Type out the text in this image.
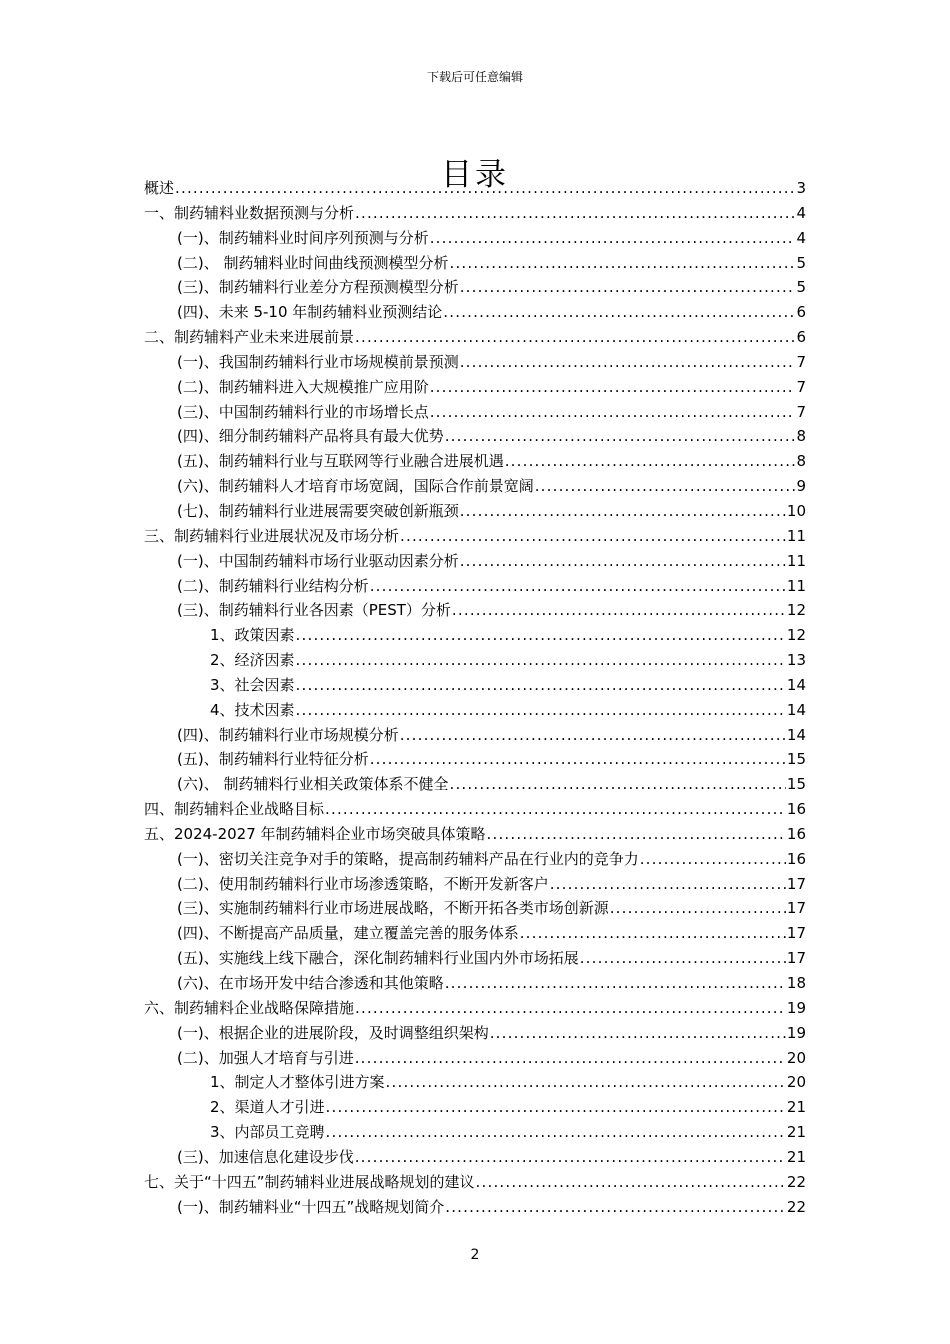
下载后可任意编辑
目录
概述 .....	3
一、制药辅料业数据预测与分析 .....	4
(一)、制药辅料业时间序列预测与分析 .....	4
(二)、 制药辅料业时间曲线预测模型分析 .....	5
(三)、制药辅料行业差分方程预测模型分析 .....	5
(四)、未来 5-10 年制药辅料业预测结论 .....	6
二、制药辅料产业未来进展前景 .....	6
(一)、我国制药辅料行业市场规模前景预测 .....	7
(二)、制药辅料进入大规模推广应用阶 .....	7
(三)、中国制药辅料行业的市场增长点 .....	7
(四)、细分制药辅料产品将具有最大优势 .....	8
(五)、制药辅料行业与互联网等行业融合进展机遇 .....	8
(六)、制药辅料人才培育市场宽阔，国际合作前景宽阔 .....	9
(七)、制药辅料行业进展需要突破创新瓶颈 .....	10
三、制药辅料行业进展状况及市场分析 .....	11
(一)、中国制药辅料市场行业驱动因素分析 .....	11
(二)、制药辅料行业结构分析 .....	11
(三)、制药辅料行业各因素（PEST）分析 .....	12
1、政策因素 .....	12
2、经济因素 .....	13
3、社会因素 .....	14
4、技术因素 .....	14
(四)、制药辅料行业市场规模分析 .....	14
(五)、制药辅料行业特征分析 .....	15
(六)、 制药辅料行业相关政策体系不健全 .....	15
四、制药辅料企业战略目标 .....	16
五、2024-2027 年制药辅料企业市场突破具体策略 .....	16
(一)、密切关注竞争对手的策略，提高制药辅料产品在行业内的竞争力 .....	16
(二)、使用制药辅料行业市场渗透策略，不断开发新客户 .....	17
(三)、实施制药辅料行业市场进展战略，不断开拓各类市场创新源 .....	17
(四)、不断提高产品质量，建立覆盖完善的服务体系 .....	17
(五)、实施线上线下融合，深化制药辅料行业国内外市场拓展 .....	17
(六)、在市场开发中结合渗透和其他策略 .....	18
六、制药辅料企业战略保障措施 .....	19
(一)、根据企业的进展阶段，及时调整组织架构 .....	19
(二)、加强人才培育与引进 .....	20
1、制定人才整体引进方案 .....	20
2、渠道人才引进 .....	21
3、内部员工竞聘 .....	21
(三)、加速信息化建设步伐 .....	21
七、关于“十四五”制药辅料业进展战略规划的建议 .....	22
(一)、制药辅料业“十四五”战略规划简介 .....	22
2
